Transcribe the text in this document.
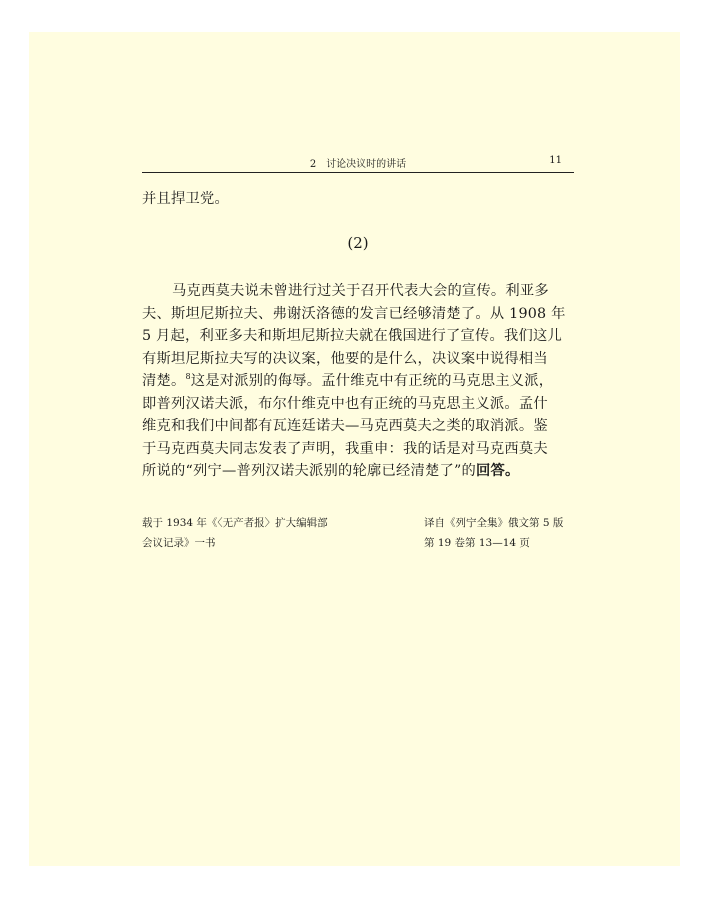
2　讨论决议时的讲话	11
并且捍卫党。
(2)
马克西莫夫说未曾进行过关于召开代表大会的宣传。利亚多
夫、斯坦尼斯拉夫、弗谢沃洛德的发言已经够清楚了。从 1908 年
5 月起，利亚多夫和斯坦尼斯拉夫就在俄国进行了宣传。我们这儿
有斯坦尼斯拉夫写的决议案，他要的是什么，决议案中说得相当
清楚。$^8$这是对派别的侮辱。孟什维克中有正统的马克思主义派，
即普列汉诺夫派，布尔什维克中也有正统的马克思主义派。孟什
维克和我们中间都有瓦连廷诺夫—马克西莫夫之类的取消派。鉴
于马克西莫夫同志发表了声明，我重申：我的话是对马克西莫夫
所说的“列宁—普列汉诺夫派别的轮廓已经清楚了”的回答。
载于 1934 年《〈无产者报〉扩大编辑部
会议记录》一书
译自《列宁全集》俄文第 5 版
第 19 卷第 13—14 页
